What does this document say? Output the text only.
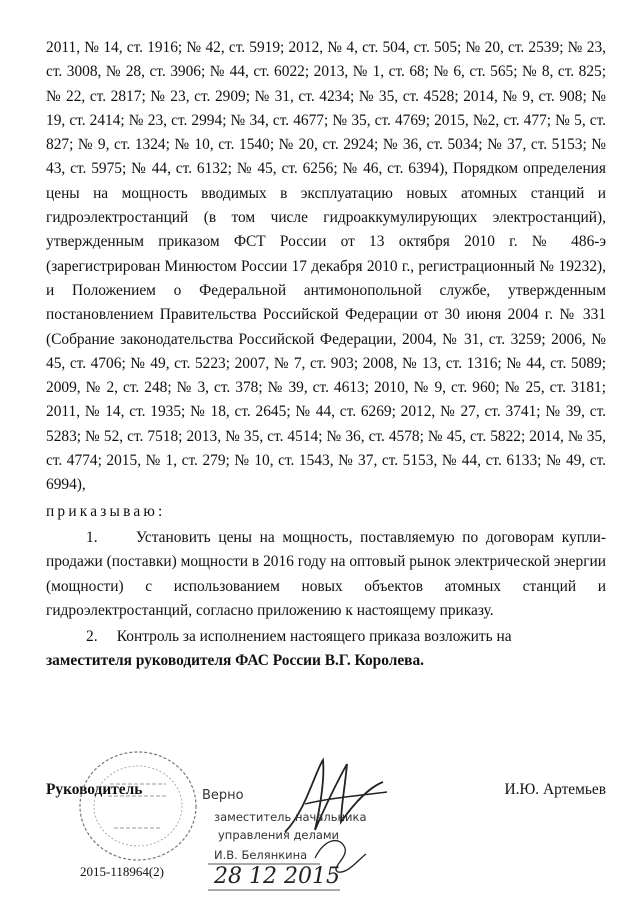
2011, № 14, ст. 1916; № 42, ст. 5919; 2012, № 4, ст. 504, ст. 505; № 20, ст. 2539; № 23, ст. 3008, № 28, ст. 3906; № 44, ст. 6022; 2013, № 1, ст. 68; № 6, ст. 565; № 8, ст. 825; № 22, ст. 2817; № 23, ст. 2909; № 31, ст. 4234; № 35, ст. 4528; 2014, № 9, ст. 908; № 19, ст. 2414; № 23, ст. 2994; № 34, ст. 4677; № 35, ст. 4769; 2015, №2, ст. 477; № 5, ст. 827; № 9, ст. 1324; № 10, ст. 1540; № 20, ст. 2924; № 36, ст. 5034; № 37, ст. 5153; № 43, ст. 5975; № 44, ст. 6132; № 45, ст. 6256; № 46, ст. 6394), Порядком определения цены на мощность вводимых в эксплуатацию новых атомных станций и гидроэлектростанций (в том числе гидроаккумулирующих электростанций), утвержденным приказом ФСТ России от 13 октября 2010 г. № 486-э (зарегистрирован Минюстом России 17 декабря 2010 г., регистрационный № 19232), и Положением о Федеральной антимонопольной службе, утвержденным постановлением Правительства Российской Федерации от 30 июня 2004 г. № 331 (Собрание законодательства Российской Федерации, 2004, № 31, ст. 3259; 2006, № 45, ст. 4706; № 49, ст. 5223; 2007, № 7, ст. 903; 2008, № 13, ст. 1316; № 44, ст. 5089; 2009, № 2, ст. 248; № 3, ст. 378; № 39, ст. 4613; 2010, № 9, ст. 960; № 25, ст. 3181; 2011, № 14, ст. 1935; № 18, ст. 2645; № 44, ст. 6269; 2012, № 27, ст. 3741; № 39, ст. 5283; № 52, ст. 7518; 2013, № 35, ст. 4514; № 36, ст. 4578; № 45, ст. 5822; 2014, № 35, ст. 4774; 2015, № 1, ст. 279; № 10, ст. 1543, № 37, ст. 5153, № 44, ст. 6133; № 49, ст. 6994),

приказываю:

1.     Установить цены на мощность, поставляемую по договорам купли-продажи (поставки) мощности в 2016 году на оптовый рынок электрической энергии (мощности) с использованием новых объектов атомных станций и гидроэлектростанций, согласно приложению к настоящему приказу.

2.     Контроль за исполнением настоящего приказа возложить на

заместителя руководителя ФАС России В.Г. Королева.

Руководитель	И.Ю. Артемьев
Верно
заместитель начальника
управления делами
И.В. Белянкина
28 12 2015
2015-118964(2)
